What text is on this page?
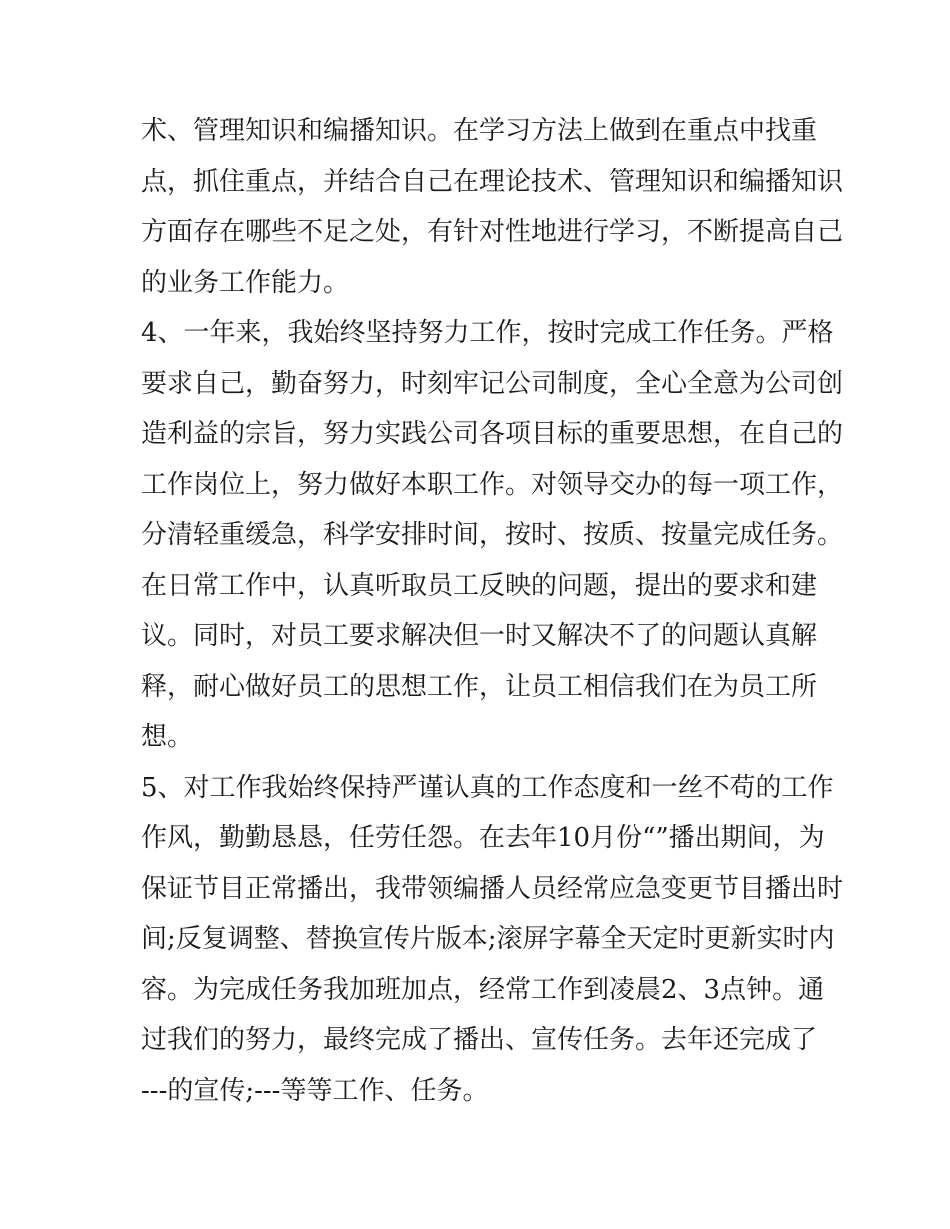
术、管理知识和编播知识。在学习方法上做到在重点中找重

点，抓住重点，并结合自己在理论技术、管理知识和编播知识

方面存在哪些不足之处，有针对性地进行学习，不断提高自己

的业务工作能力。

4、一年来，我始终坚持努力工作，按时完成工作任务。严格

要求自己，勤奋努力，时刻牢记公司制度，全心全意为公司创

造利益的宗旨，努力实践公司各项目标的重要思想，在自己的

工作岗位上，努力做好本职工作。对领导交办的每一项工作，

分清轻重缓急，科学安排时间，按时、按质、按量完成任务。

在日常工作中，认真听取员工反映的问题，提出的要求和建

议。同时，对员工要求解决但一时又解决不了的问题认真解

释，耐心做好员工的思想工作，让员工相信我们在为员工所

想。

5、对工作我始终保持严谨认真的工作态度和一丝不苟的工作

作风，勤勤恳恳，任劳任怨。在去年10月份“”播出期间，为

保证节目正常播出，我带领编播人员经常应急变更节目播出时

间;反复调整、替换宣传片版本;滚屏字幕全天定时更新实时内

容。为完成任务我加班加点，经常工作到凌晨2、3点钟。通

过我们的努力，最终完成了播出、宣传任务。去年还完成了

---的宣传;---等等工作、任务。
